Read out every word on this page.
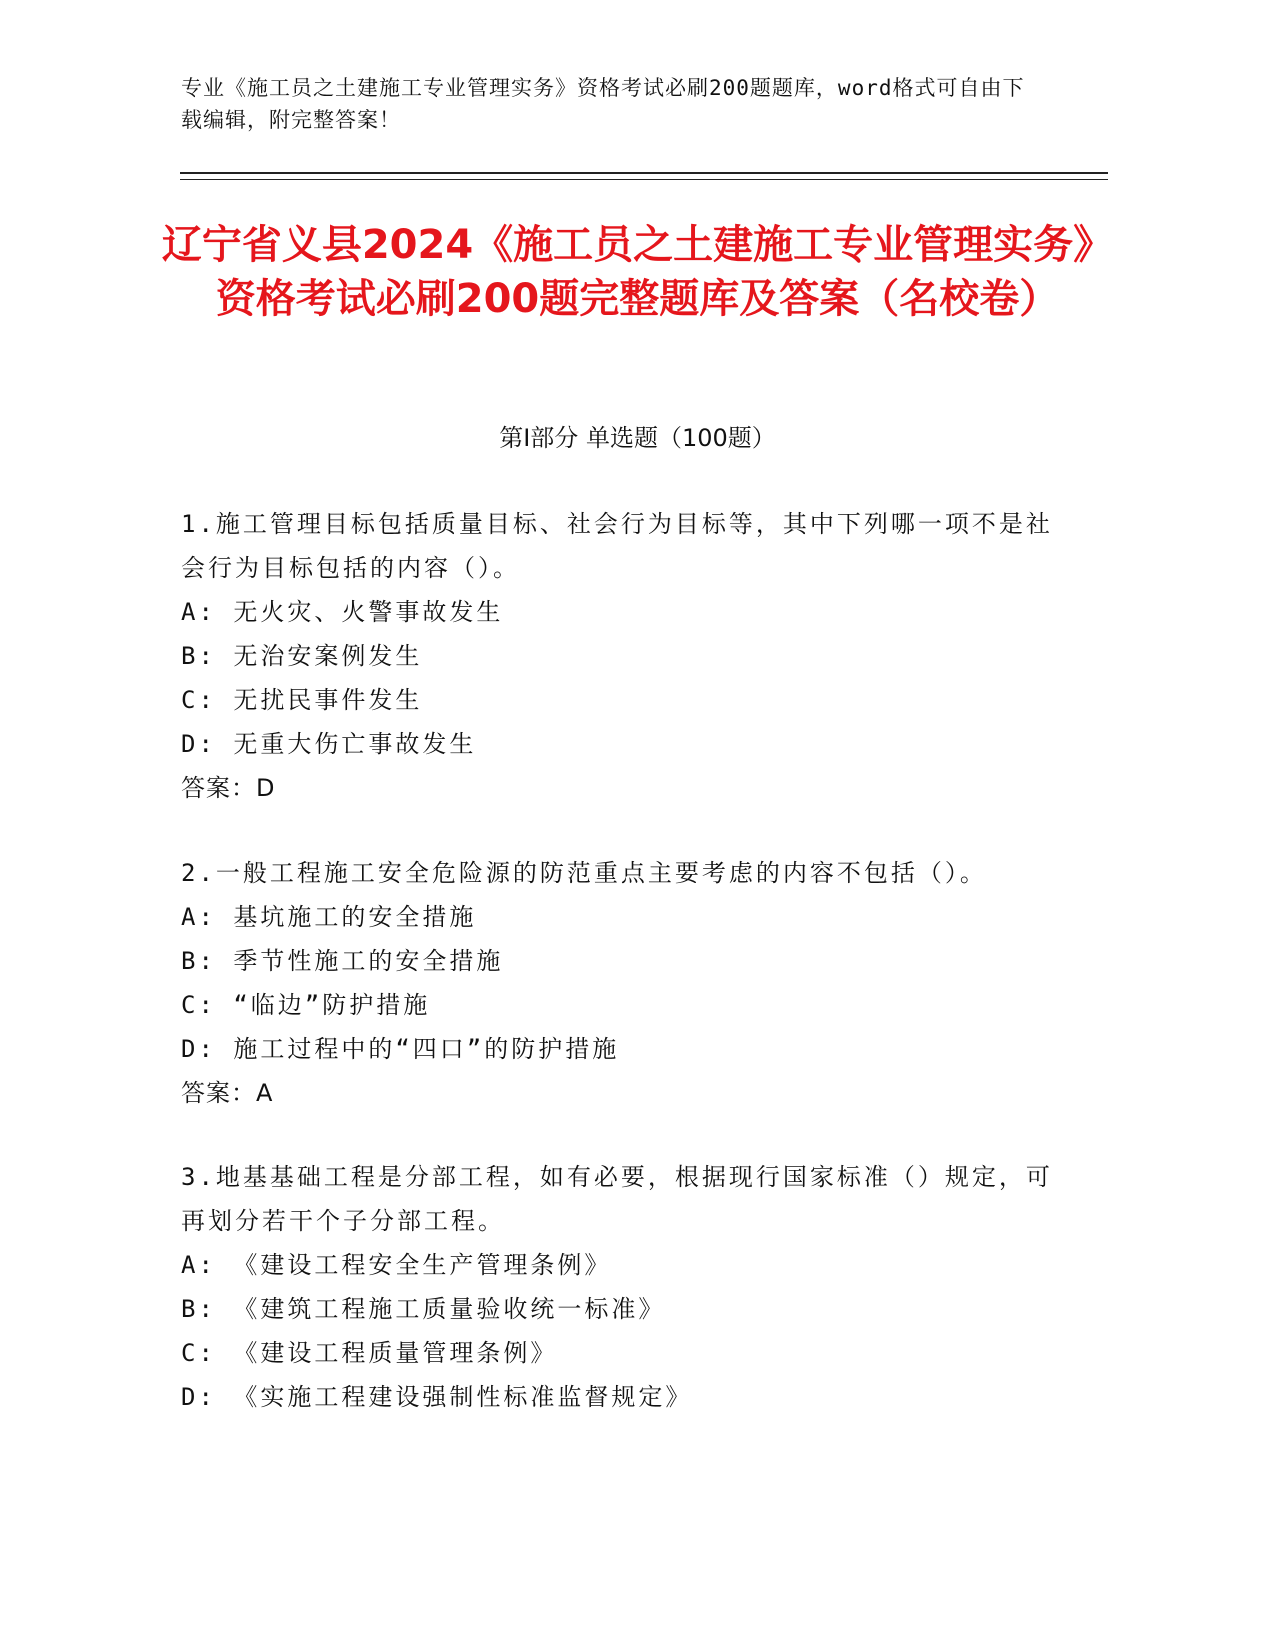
专业《施工员之土建施工专业管理实务》资格考试必刷200题题库，word格式可自由下载编辑，附完整答案！
辽宁省义县2024《施工员之土建施工专业管理实务》资格考试必刷200题完整题库及答案（名校卷）
第Ⅰ部分 单选题（100题）

1.施工管理目标包括质量目标、社会行为目标等，其中下列哪一项不是社会行为目标包括的内容（）。

A: 无火灾、火警事故发生

B: 无治安案例发生

C: 无扰民事件发生

D: 无重大伤亡事故发生

答案：D

2.一般工程施工安全危险源的防范重点主要考虑的内容不包括（）。

A: 基坑施工的安全措施

B: 季节性施工的安全措施

C: “临边”防护措施

D: 施工过程中的“四口”的防护措施

答案：A

3.地基基础工程是分部工程，如有必要，根据现行国家标准（）规定，可再划分若干个子分部工程。

A: 《建设工程安全生产管理条例》

B: 《建筑工程施工质量验收统一标准》

C: 《建设工程质量管理条例》

D: 《实施工程建设强制性标准监督规定》
